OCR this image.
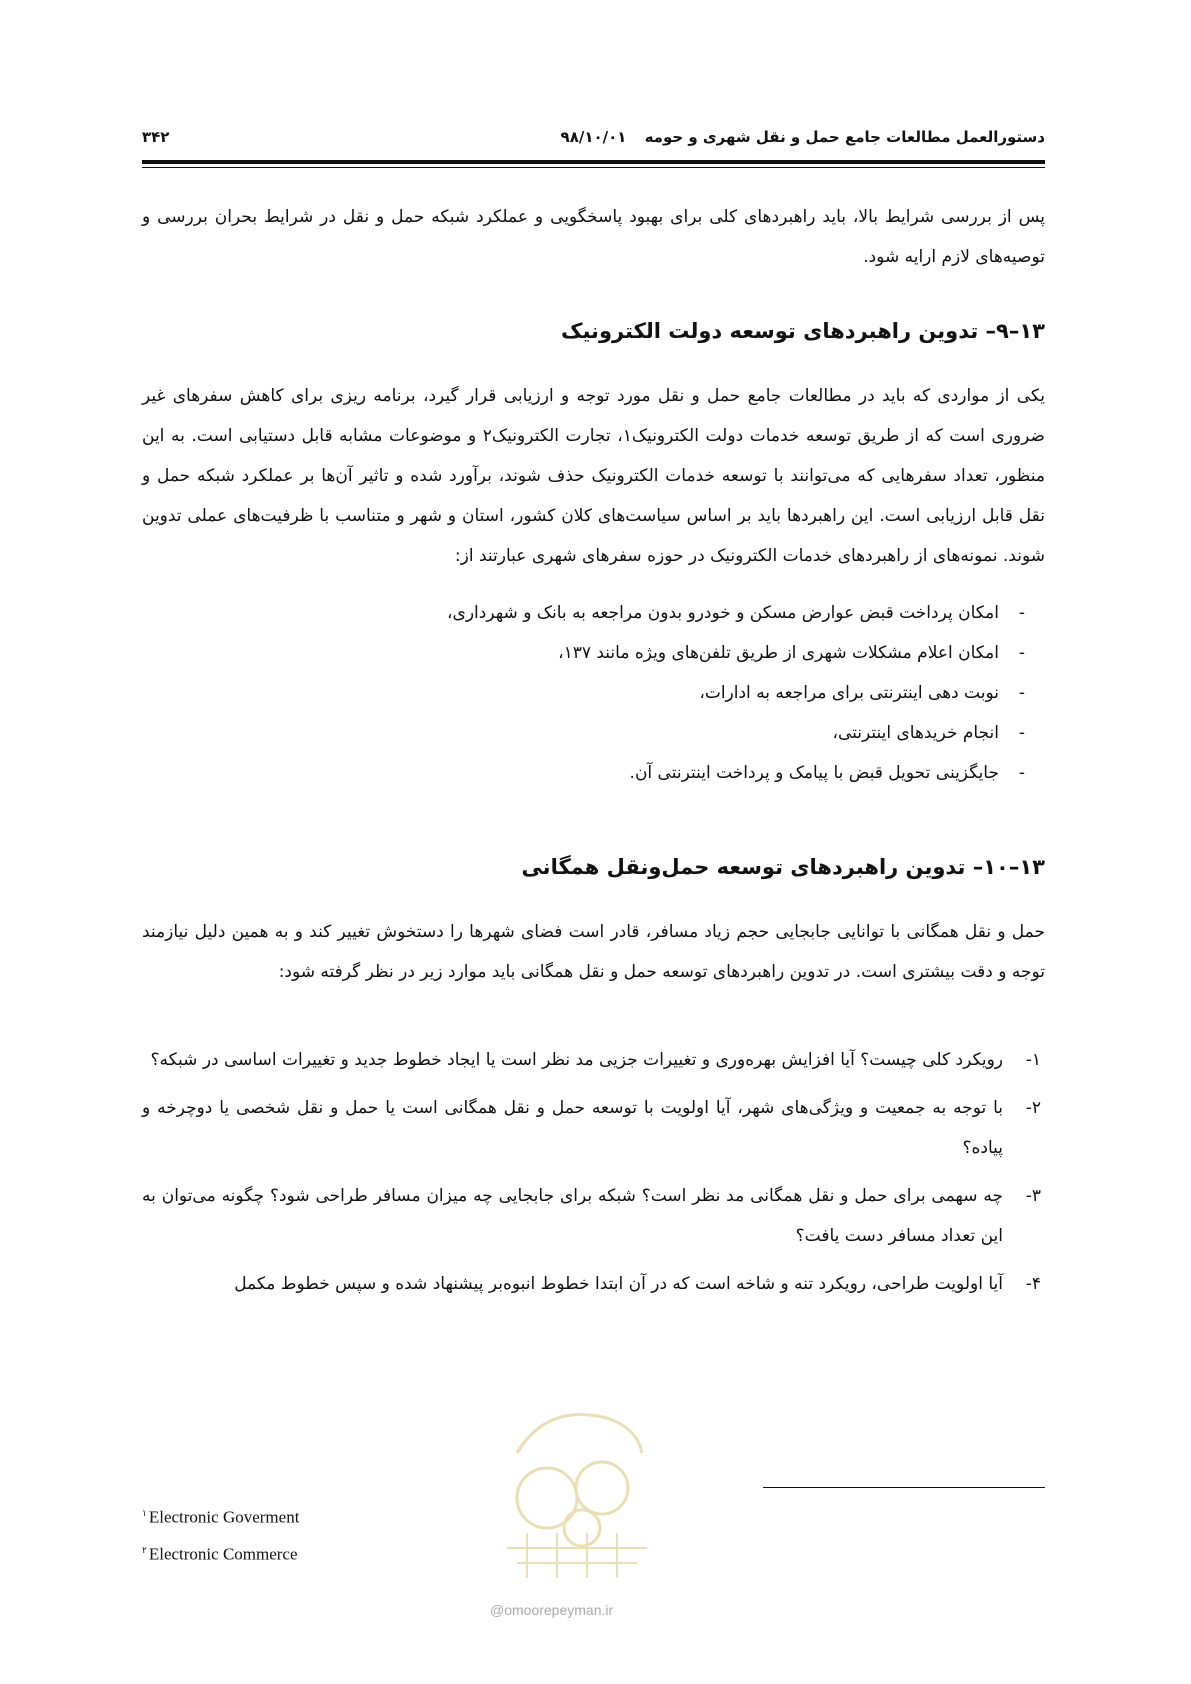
۳۴۲	۹۸/۱۰/۰۱ دستورالعمل مطالعات جامع حمل و نقل شهری و حومه
پس از بررسی شرایط بالا، باید راهبردهای کلی برای بهبود پاسخگویی و عملکرد شبکه حمل و نقل در شرایط بحران بررسی و توصیه‌های لازم ارایه شود.
۱۳–۹– تدوین راهبردهای توسعه دولت الکترونیک
یکی از مواردی که باید در مطالعات جامع حمل و نقل مورد توجه و ارزیابی قرار گیرد، برنامه ریزی برای کاهش سفرهای غیر ضروری است که از طریق توسعه خدمات دولت الکترونیک۱، تجارت الکترونیک۲ و موضوعات مشابه قابل دستیابی است. به این منظور، تعداد سفرهایی که می‌توانند با توسعه خدمات الکترونیک حذف شوند، برآورد شده و تاثیر آن‌ها بر عملکرد شبکه حمل و نقل قابل ارزیابی است. این راهبردها باید بر اساس سیاست‌های کلان کشور، استان و شهر و متناسب با ظرفیت‌های عملی تدوین شوند. نمونه‌های از راهبردهای خدمات الکترونیک در حوزه سفرهای شهری عبارتند از:
-امکان پرداخت قبض عوارض مسکن و خودرو بدون مراجعه به بانک و شهرداری،
-امکان اعلام مشکلات شهری از طریق تلفن‌های ویژه مانند ۱۳۷،
-نوبت دهی اینترنتی برای مراجعه به ادارات،
-انجام خریدهای اینترنتی،
-جایگزینی تحویل قبض با پیامک و پرداخت اینترنتی آن.
۱۳–۱۰– تدوین راهبردهای توسعه حمل‌ونقل همگانی
حمل و نقل همگانی با توانایی جابجایی حجم زیاد مسافر، قادر است فضای شهرها را دستخوش تغییر کند و به همین دلیل نیازمند توجه و دقت بیشتری است. در تدوین راهبردهای توسعه حمل و نقل همگانی باید موارد زیر در نظر گرفته شود:
۱-
رویکرد کلی چیست؟ آیا افزایش بهره‌وری و تغییرات جزیی مد نظر است یا ایجاد خطوط جدید و تغییرات اساسی در شبکه؟
۲-
با توجه به جمعیت و ویژگی‌های شهر، آیا اولویت با توسعه حمل و نقل همگانی است یا حمل و نقل شخصی یا دوچرخه و پیاده؟
۳-
چه سهمی برای حمل و نقل همگانی مد نظر است؟ شبکه برای جابجایی چه میزان مسافر طراحی شود؟ چگونه می‌توان به این تعداد مسافر دست یافت؟
۴-
آیا اولویت طراحی، رویکرد تنه و شاخه است که در آن ابتدا خطوط انبوه‌بر پیشنهاد شده و سپس خطوط مکمل
$^۱$ Electronic Goverment
$^۲$ Electronic Commerce
@omoorepeyman.ir
